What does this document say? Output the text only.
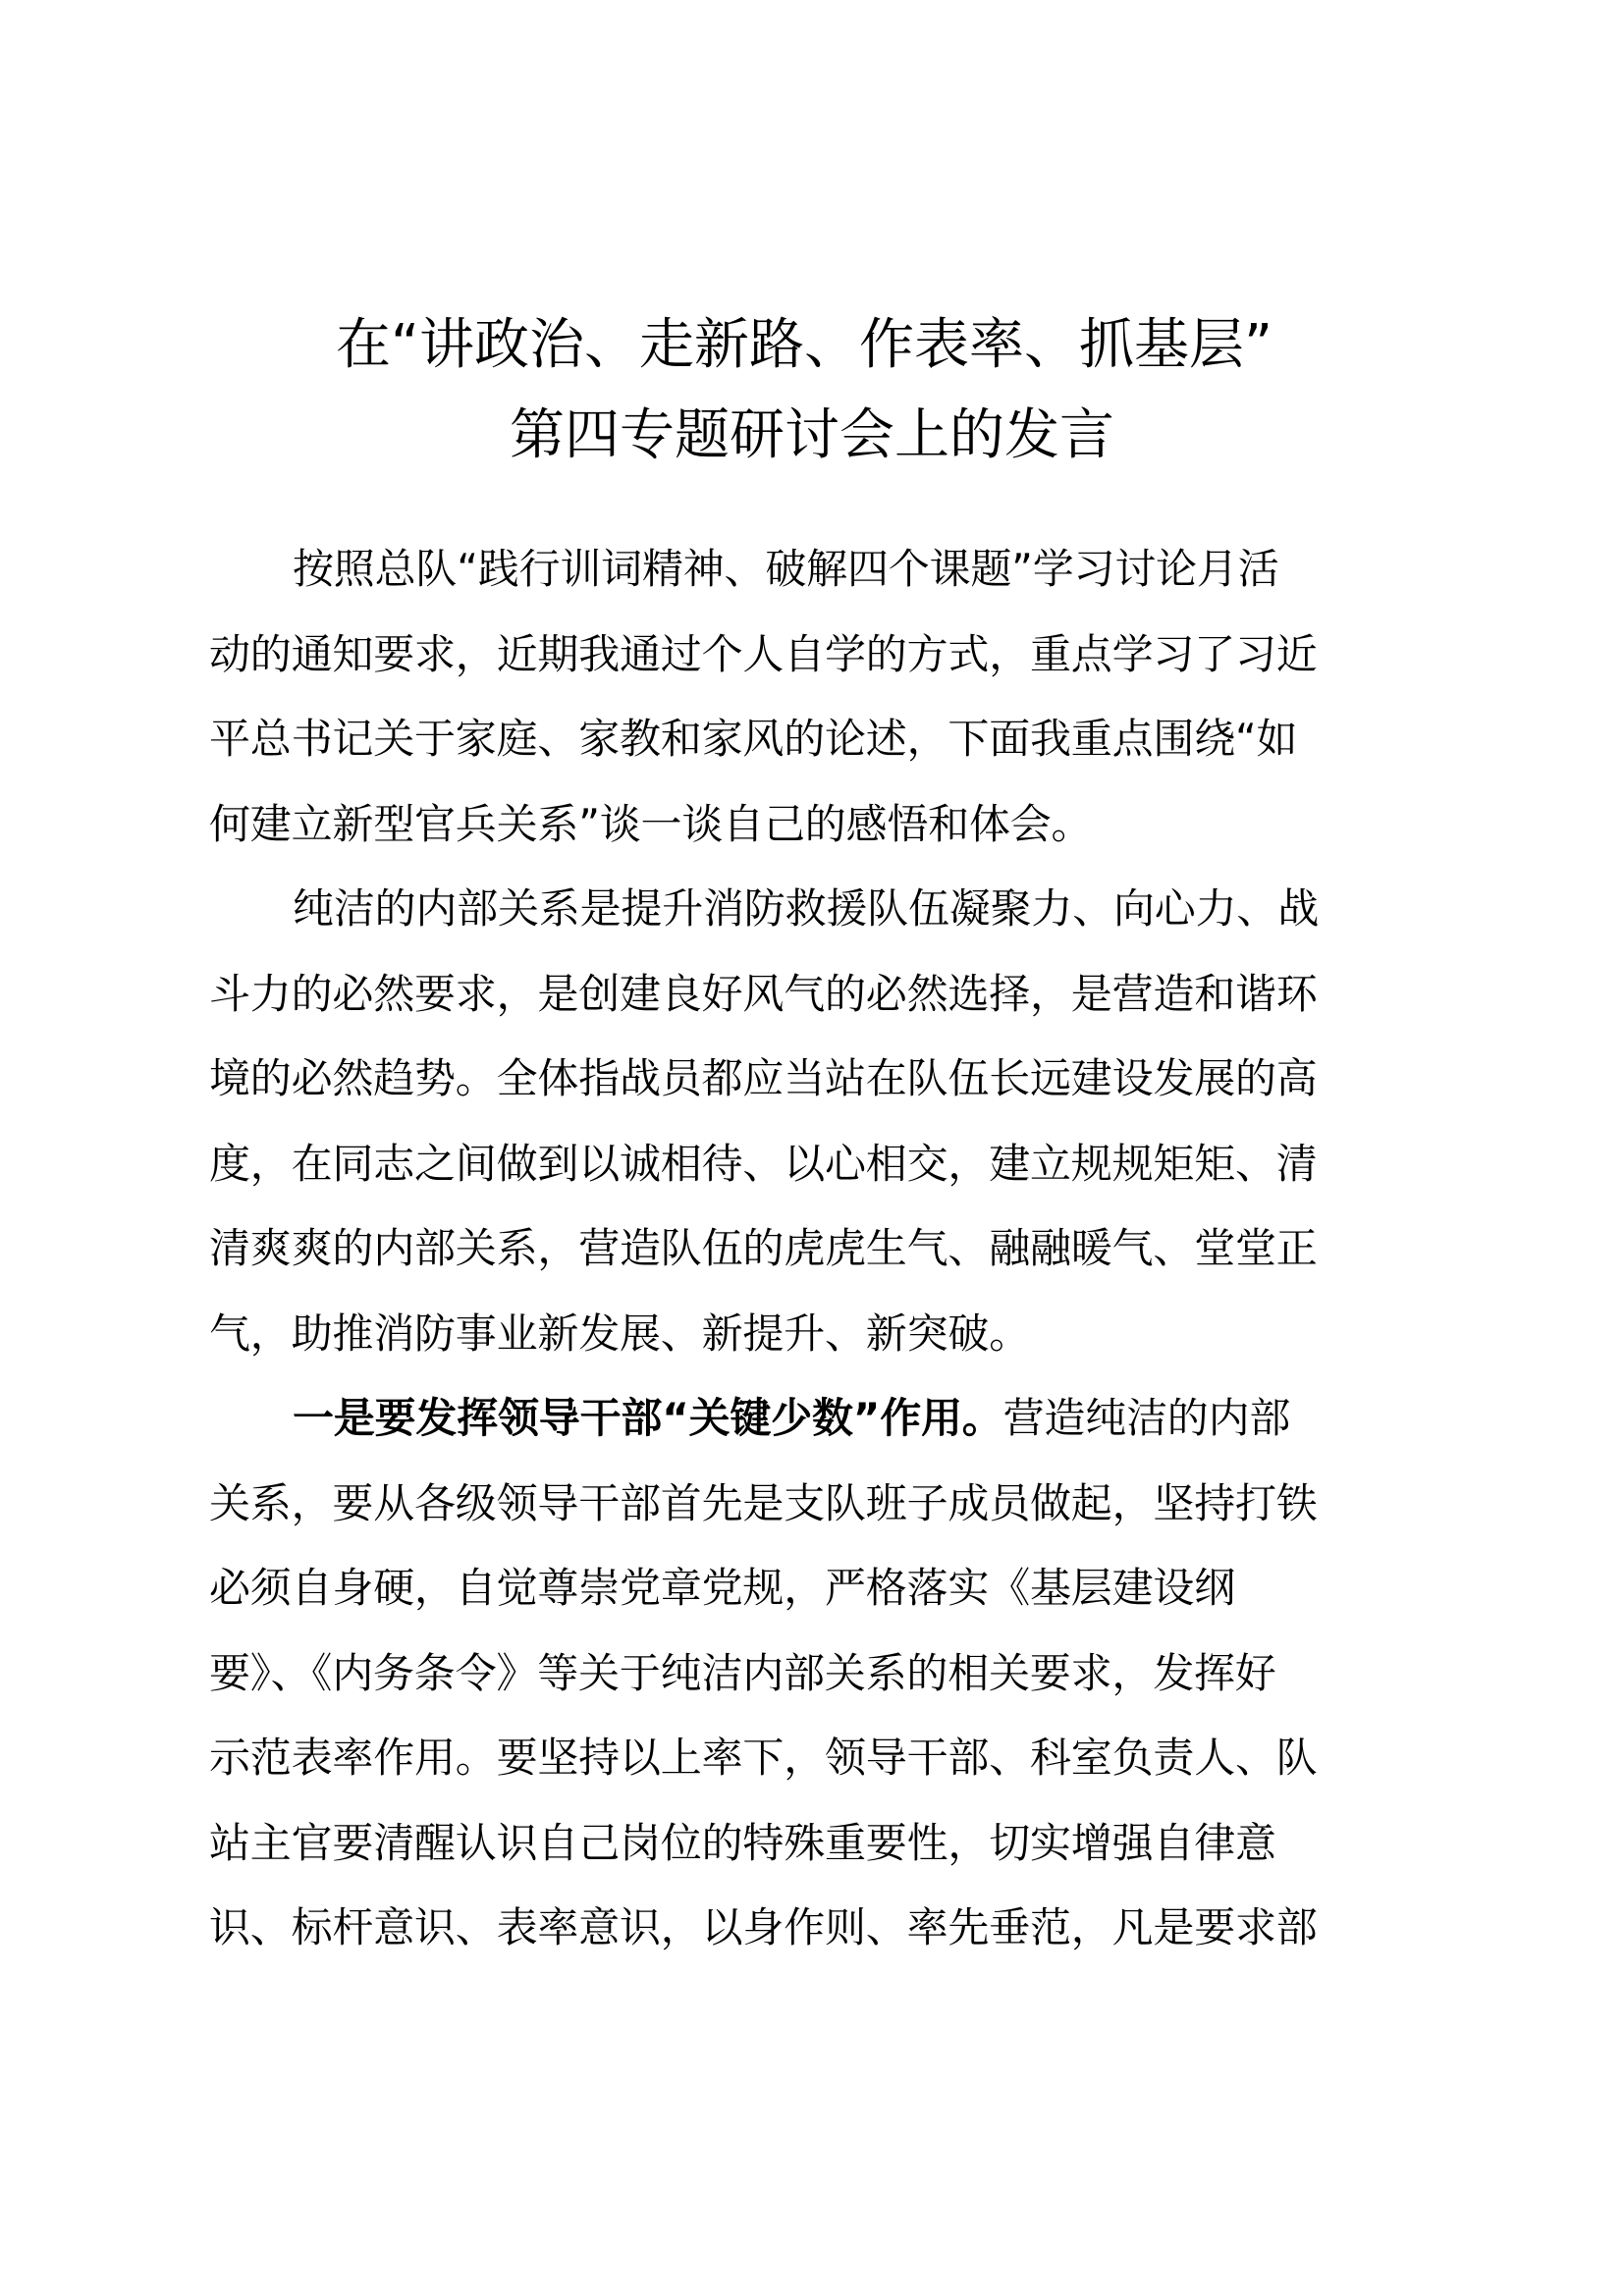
在“讲政治、走新路、作表率、抓基层”
第四专题研讨会上的发言
按照总队“践行训词精神、破解四个课题”学习讨论月活
动的通知要求，近期我通过个人自学的方式，重点学习了习近
平总书记关于家庭、家教和家风的论述，下面我重点围绕“如
何建立新型官兵关系”谈一谈自己的感悟和体会。
纯洁的内部关系是提升消防救援队伍凝聚力、向心力、战
斗力的必然要求，是创建良好风气的必然选择，是营造和谐环
境的必然趋势。全体指战员都应当站在队伍长远建设发展的高
度，在同志之间做到以诚相待、以心相交，建立规规矩矩、清
清爽爽的内部关系，营造队伍的虎虎生气、融融暖气、堂堂正
气，助推消防事业新发展、新提升、新突破。
一是要发挥领导干部“关键少数”作用。营造纯洁的内部
关系，要从各级领导干部首先是支队班子成员做起，坚持打铁
必须自身硬，自觉尊崇党章党规，严格落实《基层建设纲
要》、《内务条令》等关于纯洁内部关系的相关要求，发挥好
示范表率作用。要坚持以上率下，领导干部、科室负责人、队
站主官要清醒认识自己岗位的特殊重要性，切实增强自律意
识、标杆意识、表率意识，以身作则、率先垂范，凡是要求部
